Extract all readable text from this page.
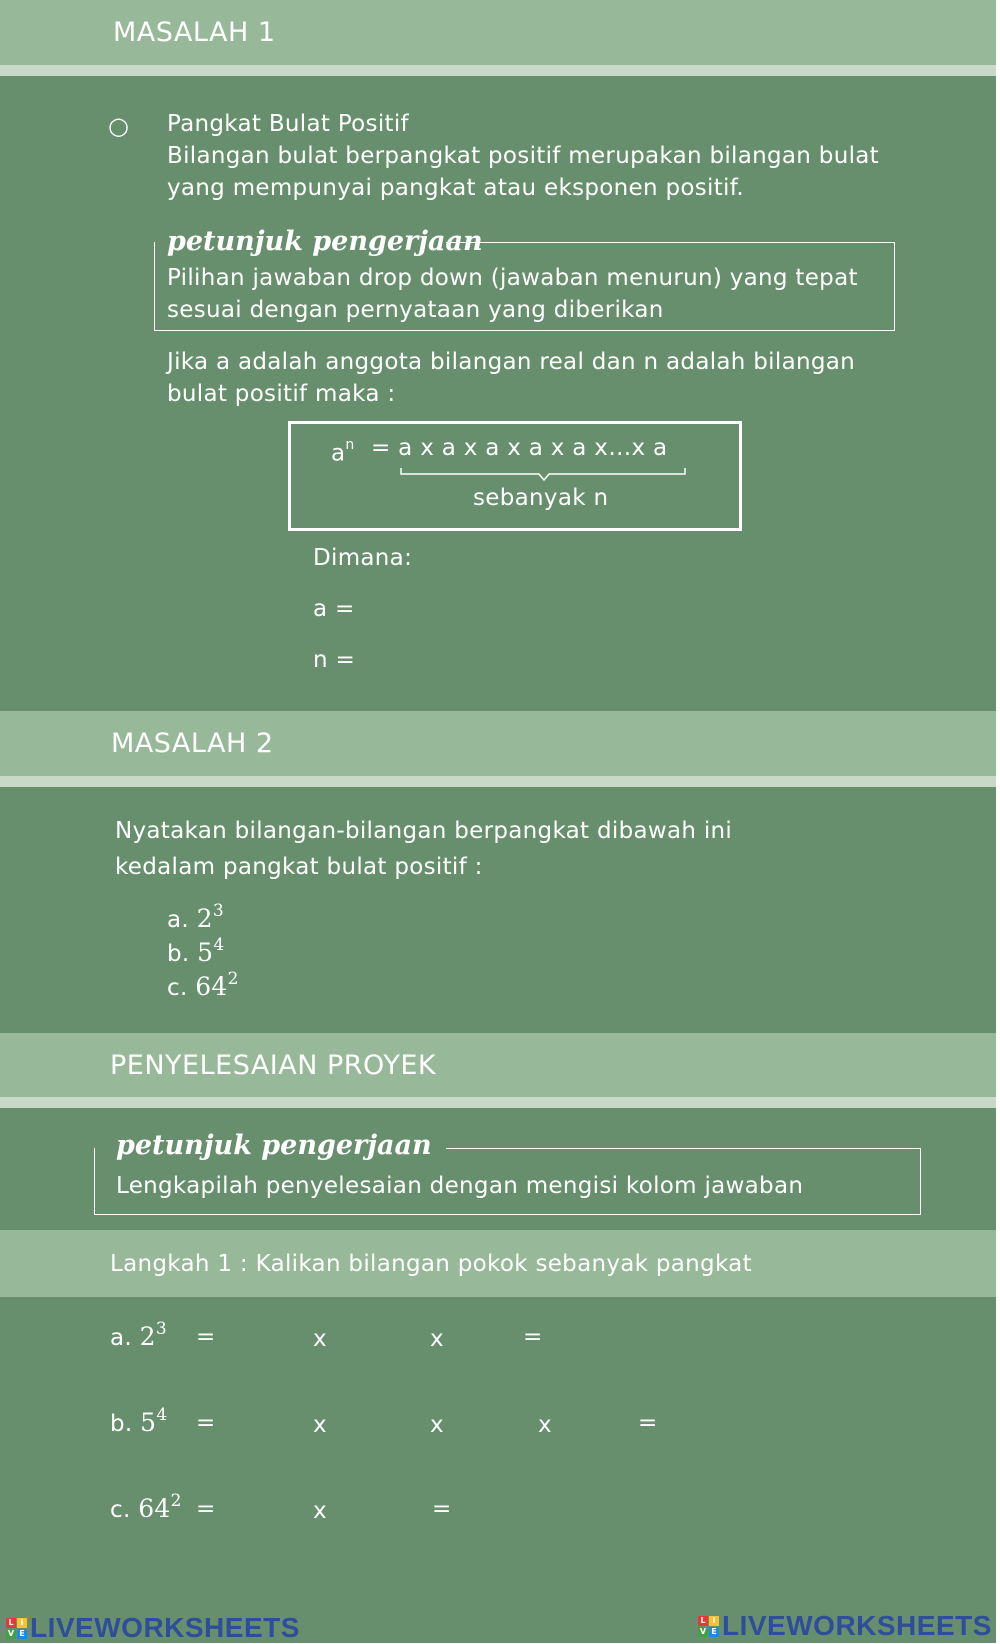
MASALAH 1
○ Pangkat Bulat Positif
Bilangan bulat berpangkat positif merupakan bilangan bulat
yang mempunyai pangkat atau eksponen positif.
petunjuk pengerjaan
Pilihan jawaban drop down (jawaban menurun) yang tepat
sesuai dengan pernyataan yang diberikan
Jika a adalah anggota bilangan real dan n adalah bilangan
bulat positif maka :
$a^n = a$ x a x a x a x a x…x a
sebanyak n
Dimana:
a =
n =
MASALAH 2
Nyatakan bilangan-bilangan berpangkat dibawah ini
kedalam pangkat bulat positif :
a. $2^3$
b. $5^4$
c. $64^2$
PENYELESAIAN PROYEK
petunjuk pengerjaan
Lengkapilah penyelesaian dengan mengisi kolom jawaban
Langkah 1 : Kalikan bilangan pokok sebanyak pangkat
a. $2^3$ =	x	x	=
b. $5^4$ =	x	x	x	=
c. $64^2$ =	x	=
L I
V E LIVEWORKSHEETS	L I
V E LIVEWORKSHEETS
